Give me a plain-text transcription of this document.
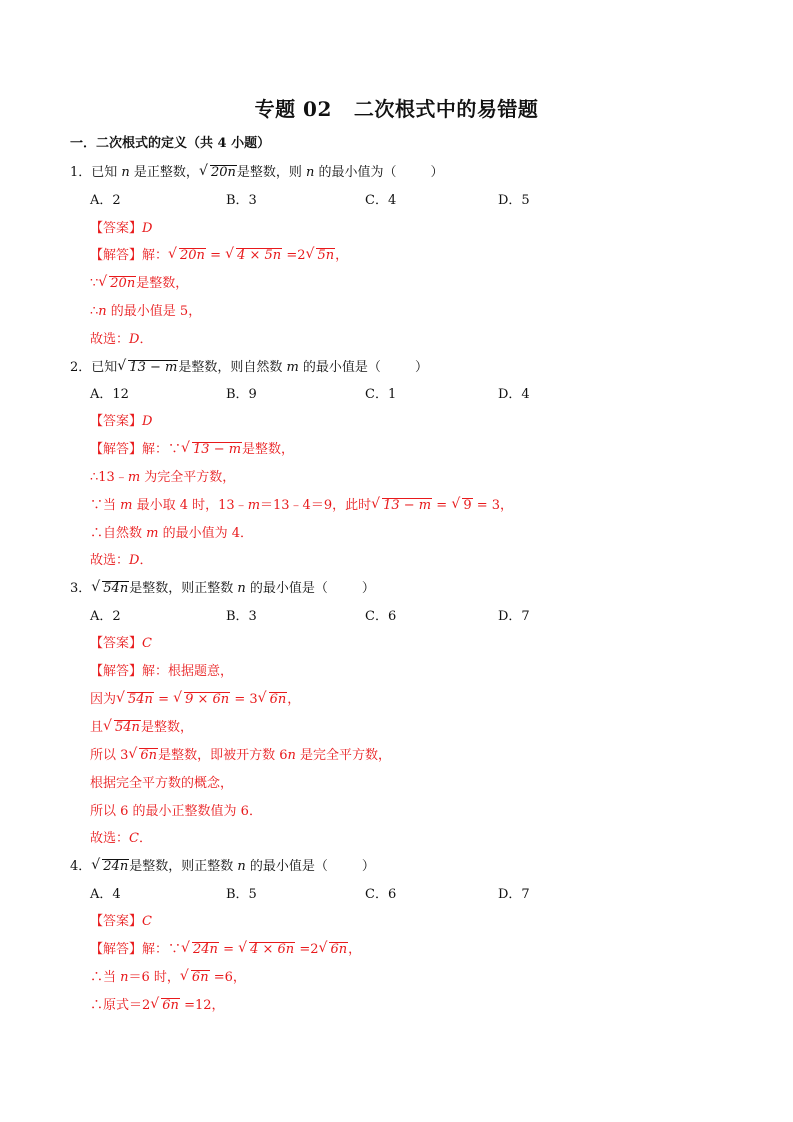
专题 02 二次根式中的易错题
一．二次根式的定义（共 4 小题）
1．已知 n 是正整数， √ 20n是整数，则 n 的最小值为（	）
A．2	B．3	C．4	D．5
【答案】D
【解答】解： √ 20n = √ 4 × 5n =2 √ 5n，
∵ √ 20n是整数，
∴n 的最小值是 5，
故选：D．
2．已知 √ 13 − m是整数，则自然数 m 的最小值是（	）
A．12	B．9	C．1	D．4
【答案】D
【解答】解：∵ √ 13 − m是整数，
∴13﹣m 为完全平方数，
∵当 m 最小取 4 时，13﹣m＝13﹣4＝9，此时 √ 13 − m = √ 9 = 3，
∴自然数 m 的最小值为 4．
故选：D．
3． √ 54n是整数，则正整数 n 的最小值是（	）
A．2	B．3	C．6	D．7
【答案】C
【解答】解：根据题意，
因为 √ 54n = √ 9 × 6n = 3 √ 6n，
且 √ 54n是整数，
所以 3 √ 6n是整数，即被开方数 6n 是完全平方数，
根据完全平方数的概念，
所以 6 的最小正整数值为 6．
故选：C．
4． √ 24n是整数，则正整数 n 的最小值是（	）
A．4	B．5	C．6	D．7
【答案】C
【解答】解：∵ √ 24n = √ 4 × 6n =2 √ 6n，
∴当 n＝6 时， √ 6n =6，
∴原式＝2 √ 6n =12，
